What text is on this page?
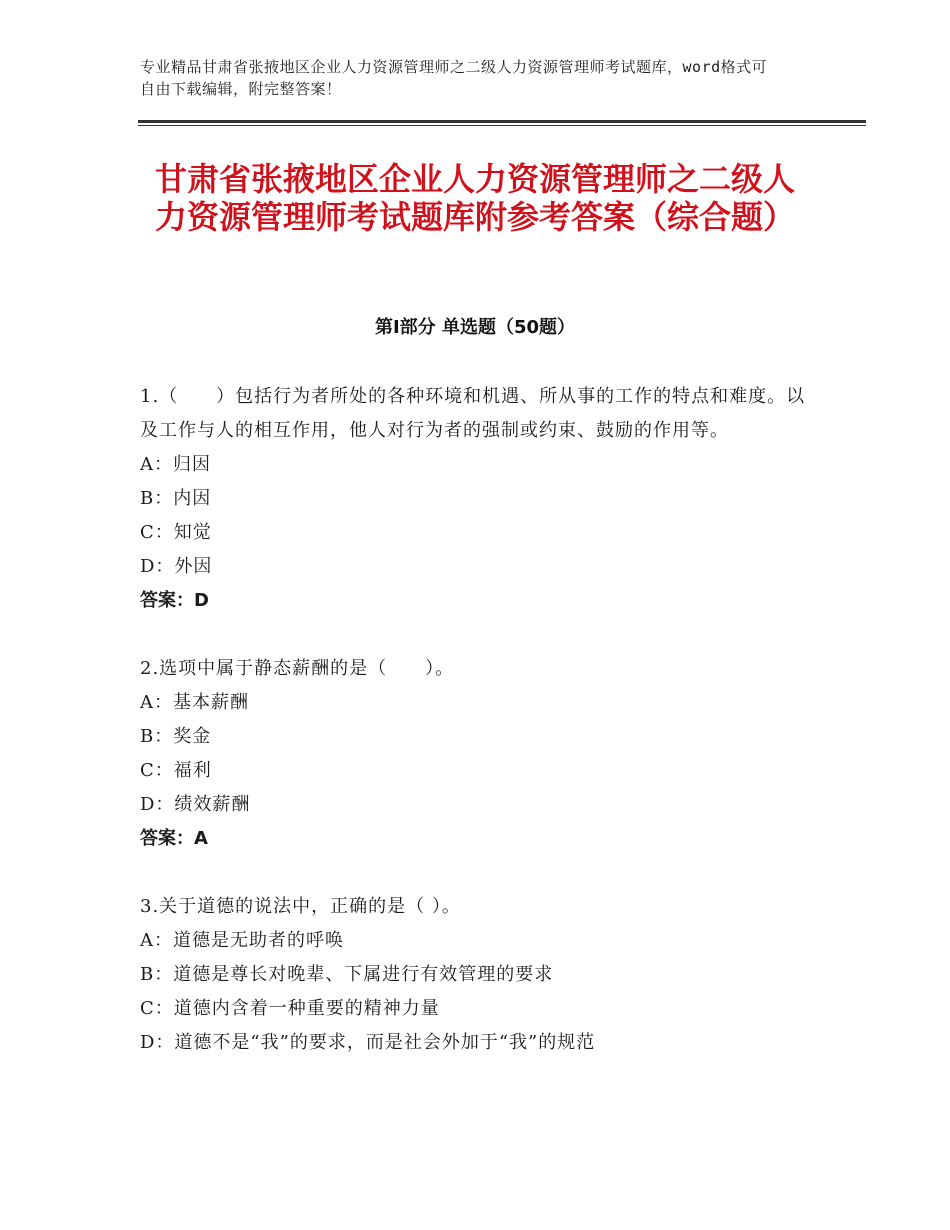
专业精品甘肃省张掖地区企业人力资源管理师之二级人力资源管理师考试题库，word格式可自由下载编辑，附完整答案！
甘肃省张掖地区企业人力资源管理师之二级人力资源管理师考试题库附参考答案（综合题）
第Ⅰ部分 单选题（50题）
1.（　　）包括行为者所处的各种环境和机遇、所从事的工作的特点和难度。以及工作与人的相互作用，他人对行为者的强制或约束、鼓励的作用等。
A：归因
B：内因
C：知觉
D：外因
答案：D
2.选项中属于静态薪酬的是（　　）。
A：基本薪酬
B：奖金
C：福利
D：绩效薪酬
答案：A
3.关于道德的说法中，正确的是（ ）。
A：道德是无助者的呼唤
B：道德是尊长对晚辈、下属进行有效管理的要求
C：道德内含着一种重要的精神力量
D：道德不是“我”的要求，而是社会外加于“我”的规范
